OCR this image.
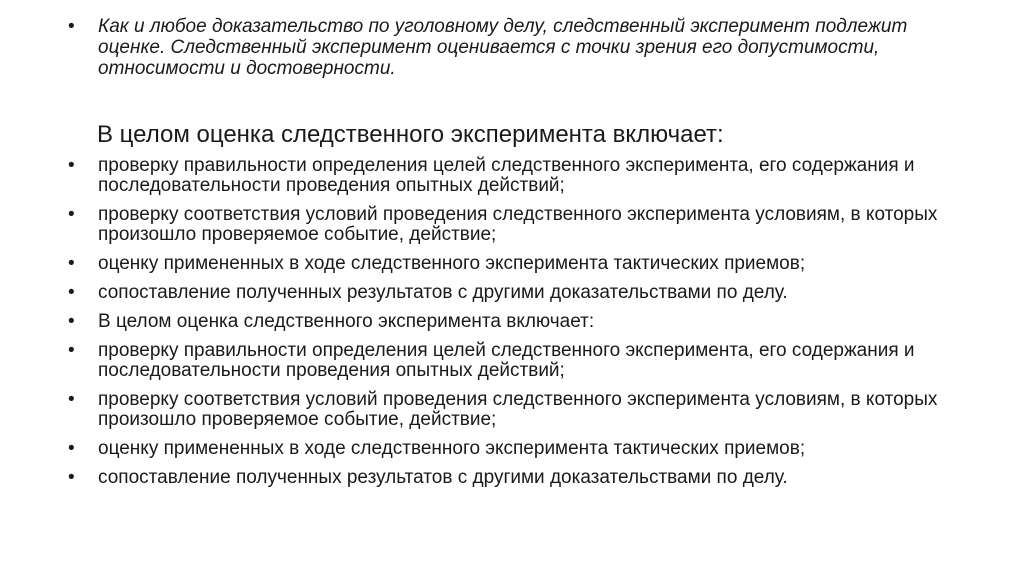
• Как и любое доказательство по уголовному делу, следственный эксперимент подлежит оценке. Следственный эксперимент оценивается с точки зрения его допустимости, относимости и достоверности.
В целом оценка следственного эксперимента включает:
• проверку правильности определения целей следственного эксперимента, его содержания и последовательности проведения опытных действий;
• проверку соответствия условий проведения следственного эксперимента условиям, в которых произошло проверяемое событие, действие;
• оценку примененных в ходе следственного эксперимента тактических приемов;
• сопоставление полученных результатов с другими доказательствами по делу.
• В целом оценка следственного эксперимента включает:
• проверку правильности определения целей следственного эксперимента, его содержания и последовательности проведения опытных действий;
• проверку соответствия условий проведения следственного эксперимента условиям, в которых произошло проверяемое событие, действие;
• оценку примененных в ходе следственного эксперимента тактических приемов;
• сопоставление полученных результатов с другими доказательствами по делу.
